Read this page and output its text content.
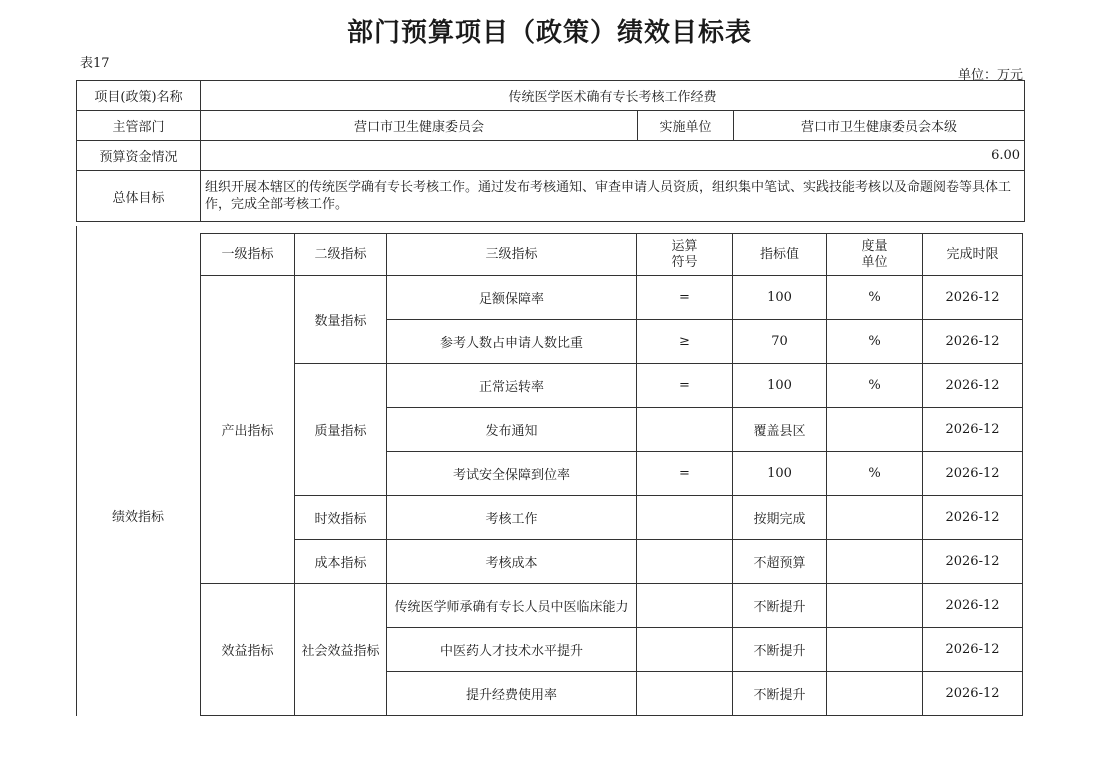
部门预算项目（政策）绩效目标表
表17
单位：万元
项目(政策)名称	传统医学医术确有专长考核工作经费		
主管部门	营口市卫生健康委员会	实施单位	营口市卫生健康委员会本级
预算资金情况	6.00		
总体目标	组织开展本辖区的传统医学确有专长考核工作。通过发布考核通知、审查申请人员资质，组织集中笔试、实践技能考核以及命题阅卷等具体工作，完成全部考核工作。		
绩效指标
一级指标	二级指标	三级指标	运算符号	指标值	度量单位	完成时限
产出指标	数量指标	足额保障率	=	100	%	2026-12
		参考人数占申请人数比重	≥	70	%	2026-12
	质量指标	正常运转率	=	100	%	2026-12
		发布通知		覆盖县区		2026-12
		考试安全保障到位率	=	100	%	2026-12
	时效指标	考核工作		按期完成		2026-12
	成本指标	考核成本		不超预算		2026-12
效益指标	社会效益指标	传统医学师承确有专长人员中医临床能力		不断提升		2026-12
		中医药人才技术水平提升		不断提升		2026-12
		提升经费使用率		不断提升		2026-12
